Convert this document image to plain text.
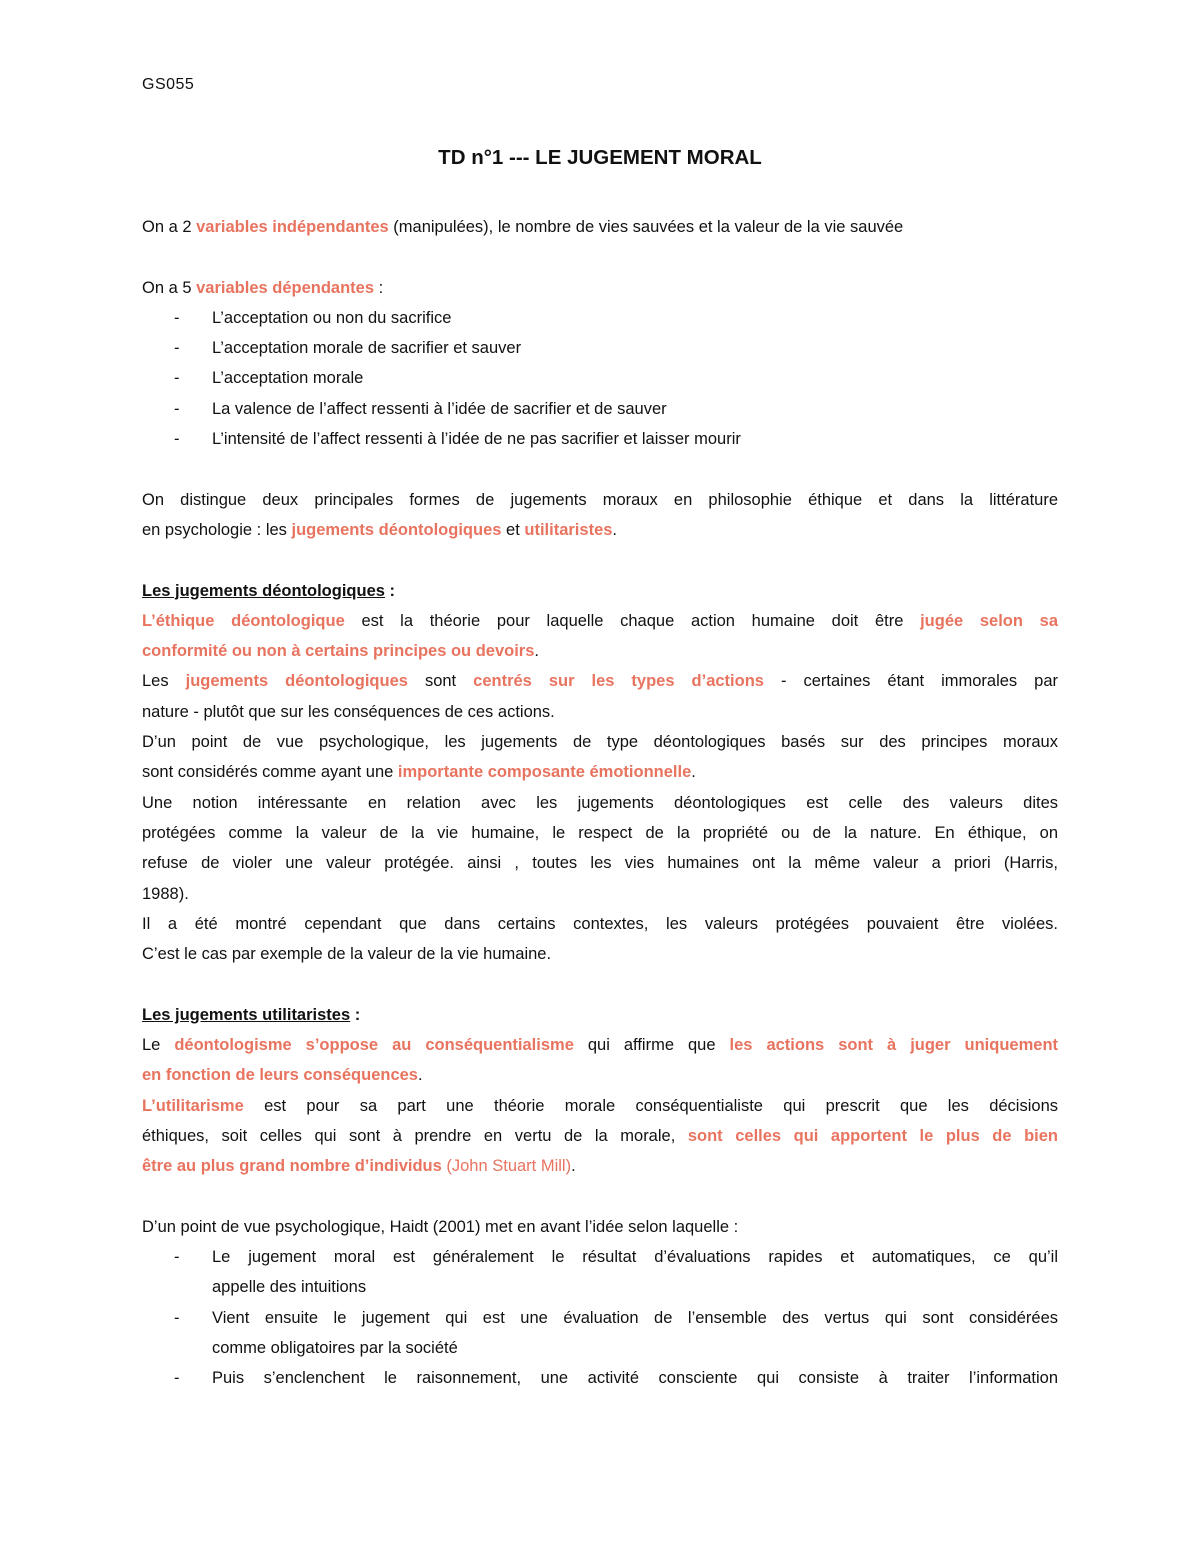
GS055
TD n°1 --- LE JUGEMENT MORAL
On a 2 variables indépendantes (manipulées), le nombre de vies sauvées et la valeur de la vie sauvée
On a 5 variables dépendantes :
- L’acceptation ou non du sacrifice
- L’acceptation morale de sacrifier et sauver
- L’acceptation morale
- La valence de l’affect ressenti à l’idée de sacrifier et de sauver
- L’intensité de l’affect ressenti à l’idée de ne pas sacrifier et laisser mourir
On distingue deux principales formes de jugements moraux en philosophie éthique et dans la littérature
en psychologie : les jugements déontologiques et utilitaristes.
Les jugements déontologiques :
L’éthique déontologique est la théorie pour laquelle chaque action humaine doit être jugée selon sa
conformité ou non à certains principes ou devoirs.
Les jugements déontologiques sont centrés sur les types d’actions - certaines étant immorales par
nature - plutôt que sur les conséquences de ces actions.
D’un point de vue psychologique, les jugements de type déontologiques basés sur des principes moraux
sont considérés comme ayant une importante composante émotionnelle.
Une notion intéressante en relation avec les jugements déontologiques est celle des valeurs dites
protégées comme la valeur de la vie humaine, le respect de la propriété ou de la nature. En éthique, on
refuse de violer une valeur protégée. ainsi , toutes les vies humaines ont la même valeur a priori (Harris,
1988).
Il a été montré cependant que dans certains contextes, les valeurs protégées pouvaient être violées.
C’est le cas par exemple de la valeur de la vie humaine.
Les jugements utilitaristes :
Le déontologisme s’oppose au conséquentialisme qui affirme que les actions sont à juger uniquement
en fonction de leurs conséquences.
L’utilitarisme est pour sa part une théorie morale conséquentialiste qui prescrit que les décisions
éthiques, soit celles qui sont à prendre en vertu de la morale, sont celles qui apportent le plus de bien
être au plus grand nombre d’individus (John Stuart Mill).
D’un point de vue psychologique, Haidt (2001) met en avant l’idée selon laquelle :
- Le jugement moral est généralement le résultat d’évaluations rapides et automatiques, ce qu’il
appelle des intuitions
- Vient ensuite le jugement qui est une évaluation de l’ensemble des vertus qui sont considérées
comme obligatoires par la société
- Puis s’enclenchent le raisonnement, une activité consciente qui consiste à traiter l’information
